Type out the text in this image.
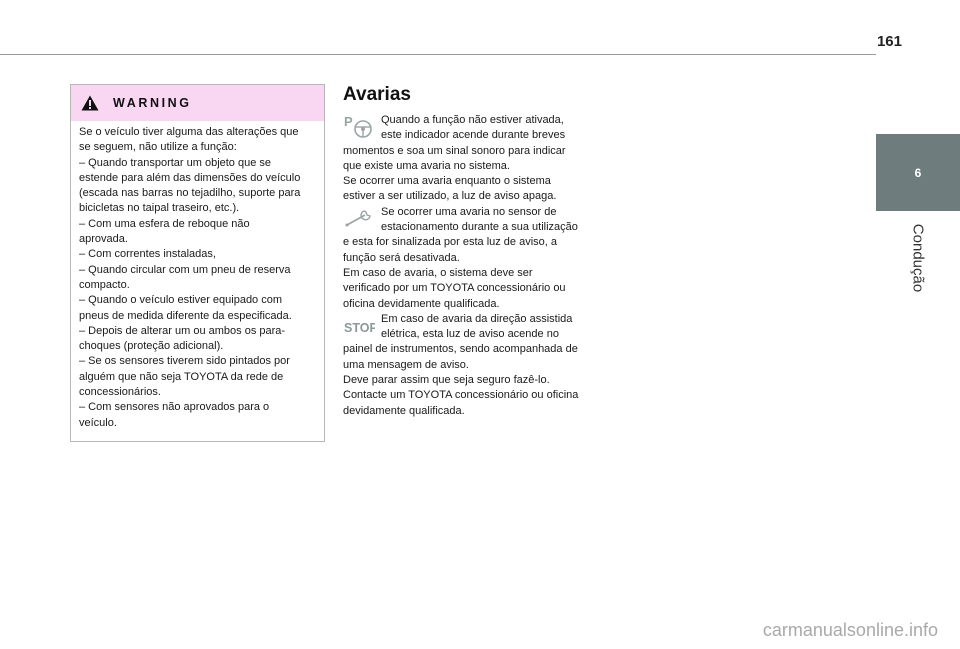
161
6
Condução
WARNING

Se o veículo tiver alguma das alterações que

se seguem, não utilize a função:

– Quando transportar um objeto que se

estende para além das dimensões do veículo

(escada nas barras no tejadilho, suporte para

bicicletas no taipal traseiro, etc.).

– Com uma esfera de reboque não

aprovada.

– Com correntes instaladas,

– Quando circular com um pneu de reserva

compacto.

– Quando o veículo estiver equipado com

pneus de medida diferente da especificada.

– Depois de alterar um ou ambos os para-

choques (proteção adicional).

– Se os sensores tiverem sido pintados por

alguém que não seja TOYOTA da rede de

concessionários.

– Com sensores não aprovados para o

veículo.

Avarias
P	Quando a função não estiver ativada,

este indicador acende durante breves

momentos e soa um sinal sonoro para indicar

que existe uma avaria no sistema.

Se ocorrer uma avaria enquanto o sistema

estiver a ser utilizado, a luz de aviso apaga.

Se ocorrer uma avaria no sensor de

estacionamento durante a sua utilização

e esta for sinalizada por esta luz de aviso, a

função será desativada.

Em caso de avaria, o sistema deve ser

verificado por um TOYOTA concessionário ou

oficina devidamente qualificada.

STOP

Em caso de avaria da direção assistida

elétrica, esta luz de aviso acende no

painel de instrumentos, sendo acompanhada de

uma mensagem de aviso.

Deve parar assim que seja seguro fazê-lo.

Contacte um TOYOTA concessionário ou oficina

devidamente qualificada.

carmanualsonline.info
